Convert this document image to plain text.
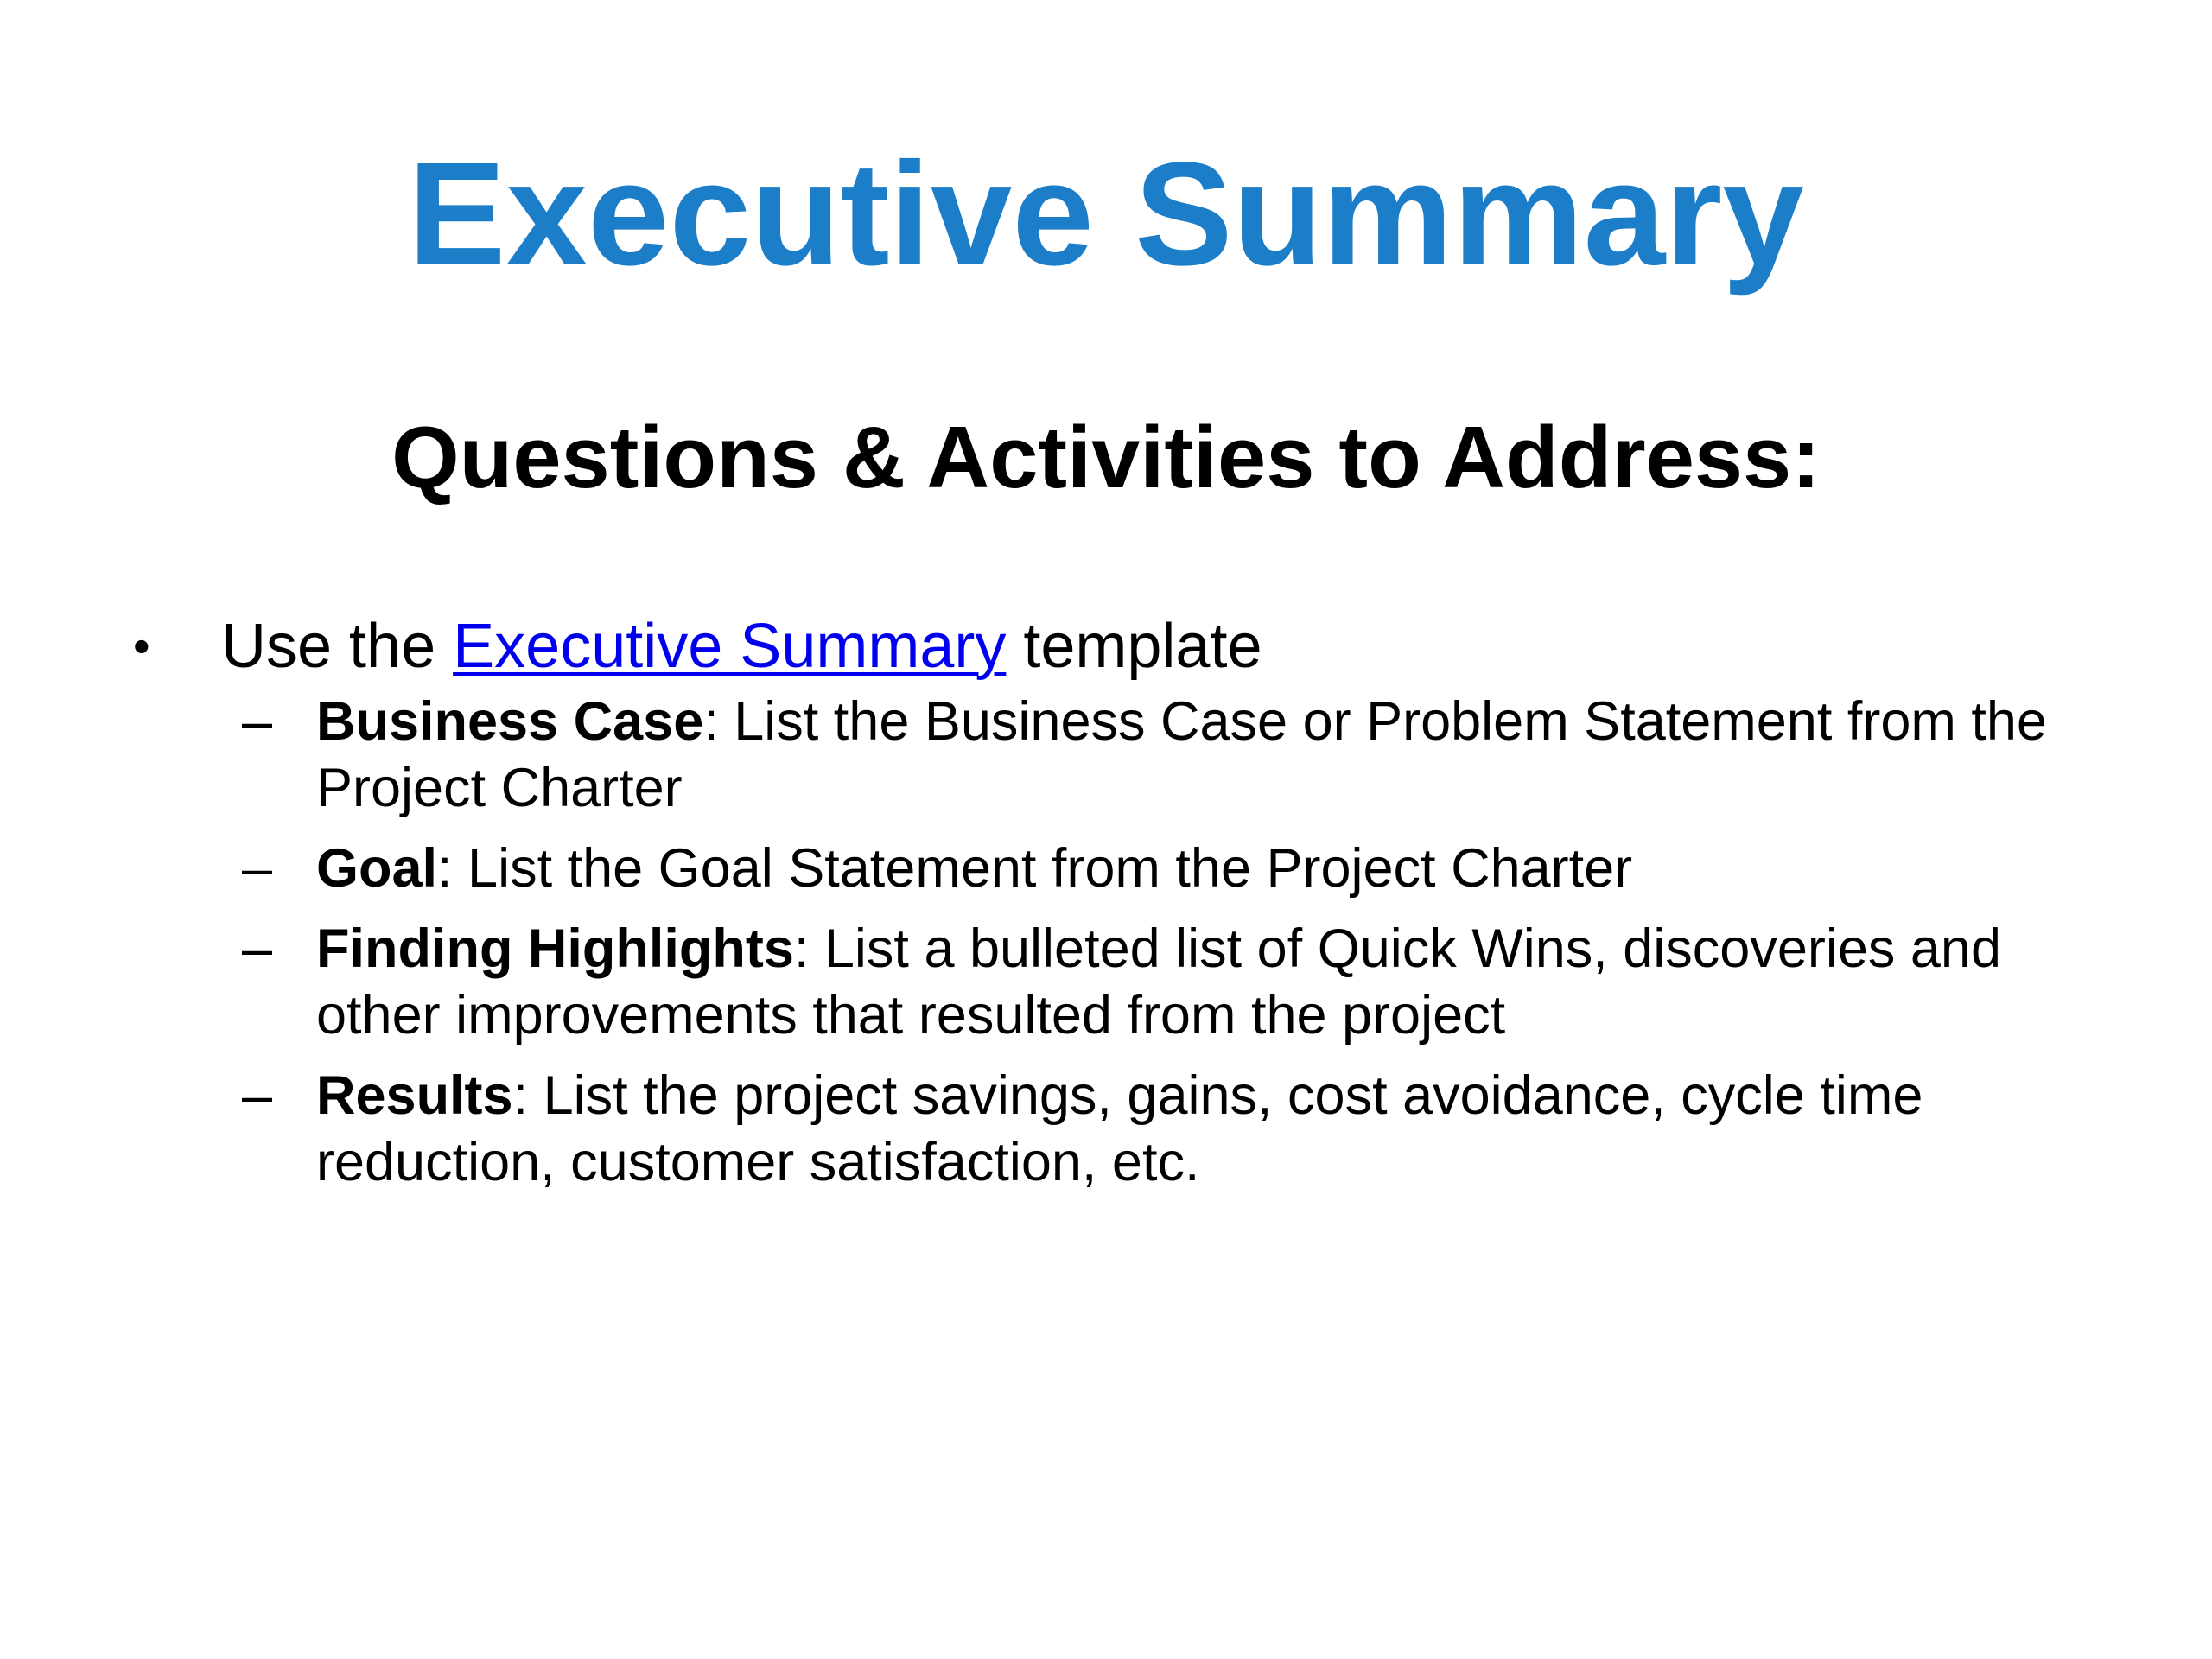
Executive Summary
Questions & Activities to Address:
•	Use the Executive Summary template
– Business Case: List the Business Case or Problem Statement from the Project Charter
– Goal: List the Goal Statement from the Project Charter
– Finding Highlights: List a bulleted list of Quick Wins, discoveries and other improvements that resulted from the project
– Results: List the project savings, gains, cost avoidance, cycle time reduction, customer satisfaction, etc.
